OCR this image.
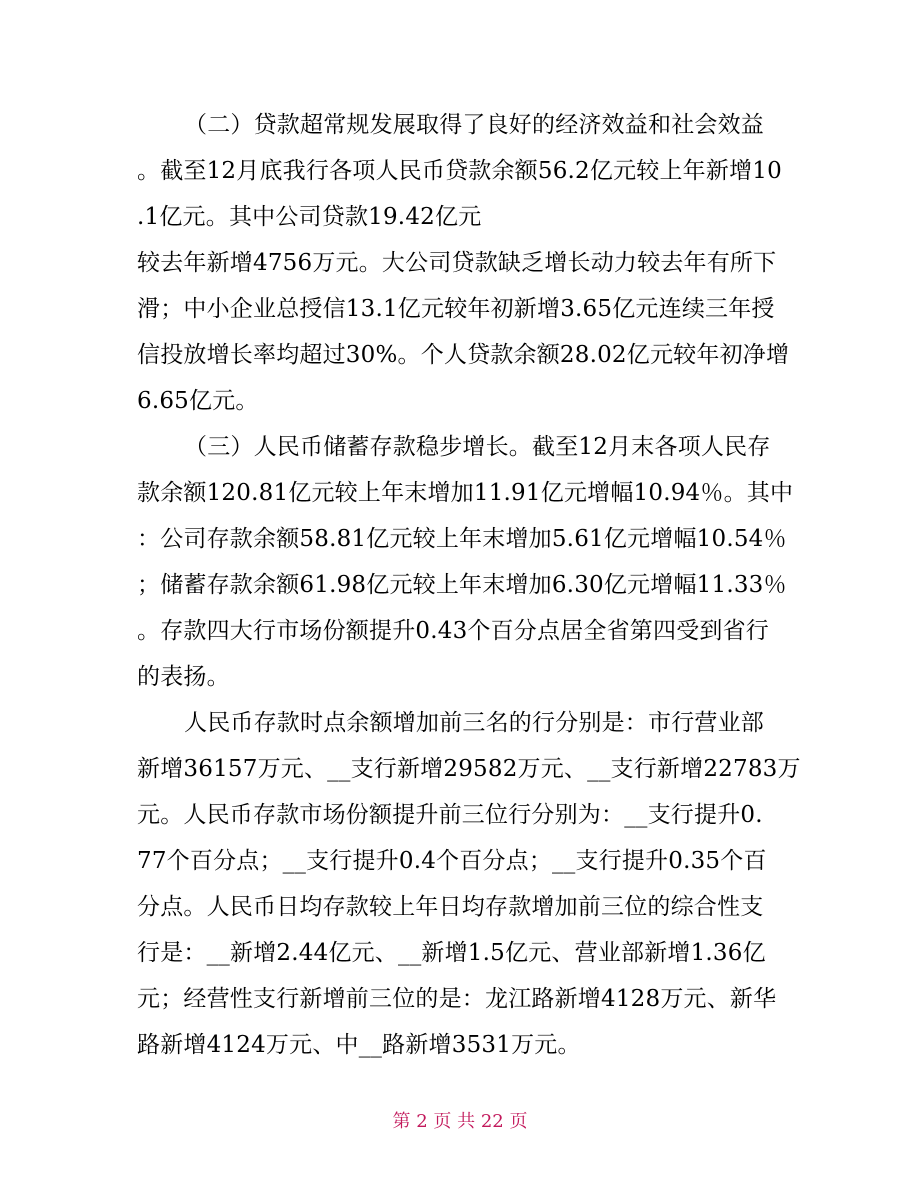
（二）贷款超常规发展取得了良好的经济效益和社会效益
。截至12月底我行各项人民币贷款余额56.2亿元较上年新增10
.1亿元。其中公司贷款19.42亿元
较去年新增4756万元。大公司贷款缺乏增长动力较去年有所下
滑；中小企业总授信13.1亿元较年初新增3.65亿元连续三年授
信投放增长率均超过30%。个人贷款余额28.02亿元较年初净增
6.65亿元。
（三）人民币储蓄存款稳步增长。截至12月末各项人民存
款余额120.81亿元较上年末增加11.91亿元增幅10.94％。其中
：公司存款余额58.81亿元较上年末增加5.61亿元增幅10.54％
；储蓄存款余额61.98亿元较上年末增加6.30亿元增幅11.33％
。存款四大行市场份额提升0.43个百分点居全省第四受到省行
的表扬。
人民币存款时点余额增加前三名的行分别是：市行营业部
新增36157万元、__支行新增29582万元、__支行新增22783万
元。人民币存款市场份额提升前三位行分别为：__支行提升0.
77个百分点；__支行提升0.4个百分点；__支行提升0.35个百
分点。人民币日均存款较上年日均存款增加前三位的综合性支
行是：__新增2.44亿元、__新增1.5亿元、营业部新增1.36亿
元；经营性支行新增前三位的是：龙江路新增4128万元、新华
路新增4124万元、中__路新增3531万元。
第 2 页 共 22 页
